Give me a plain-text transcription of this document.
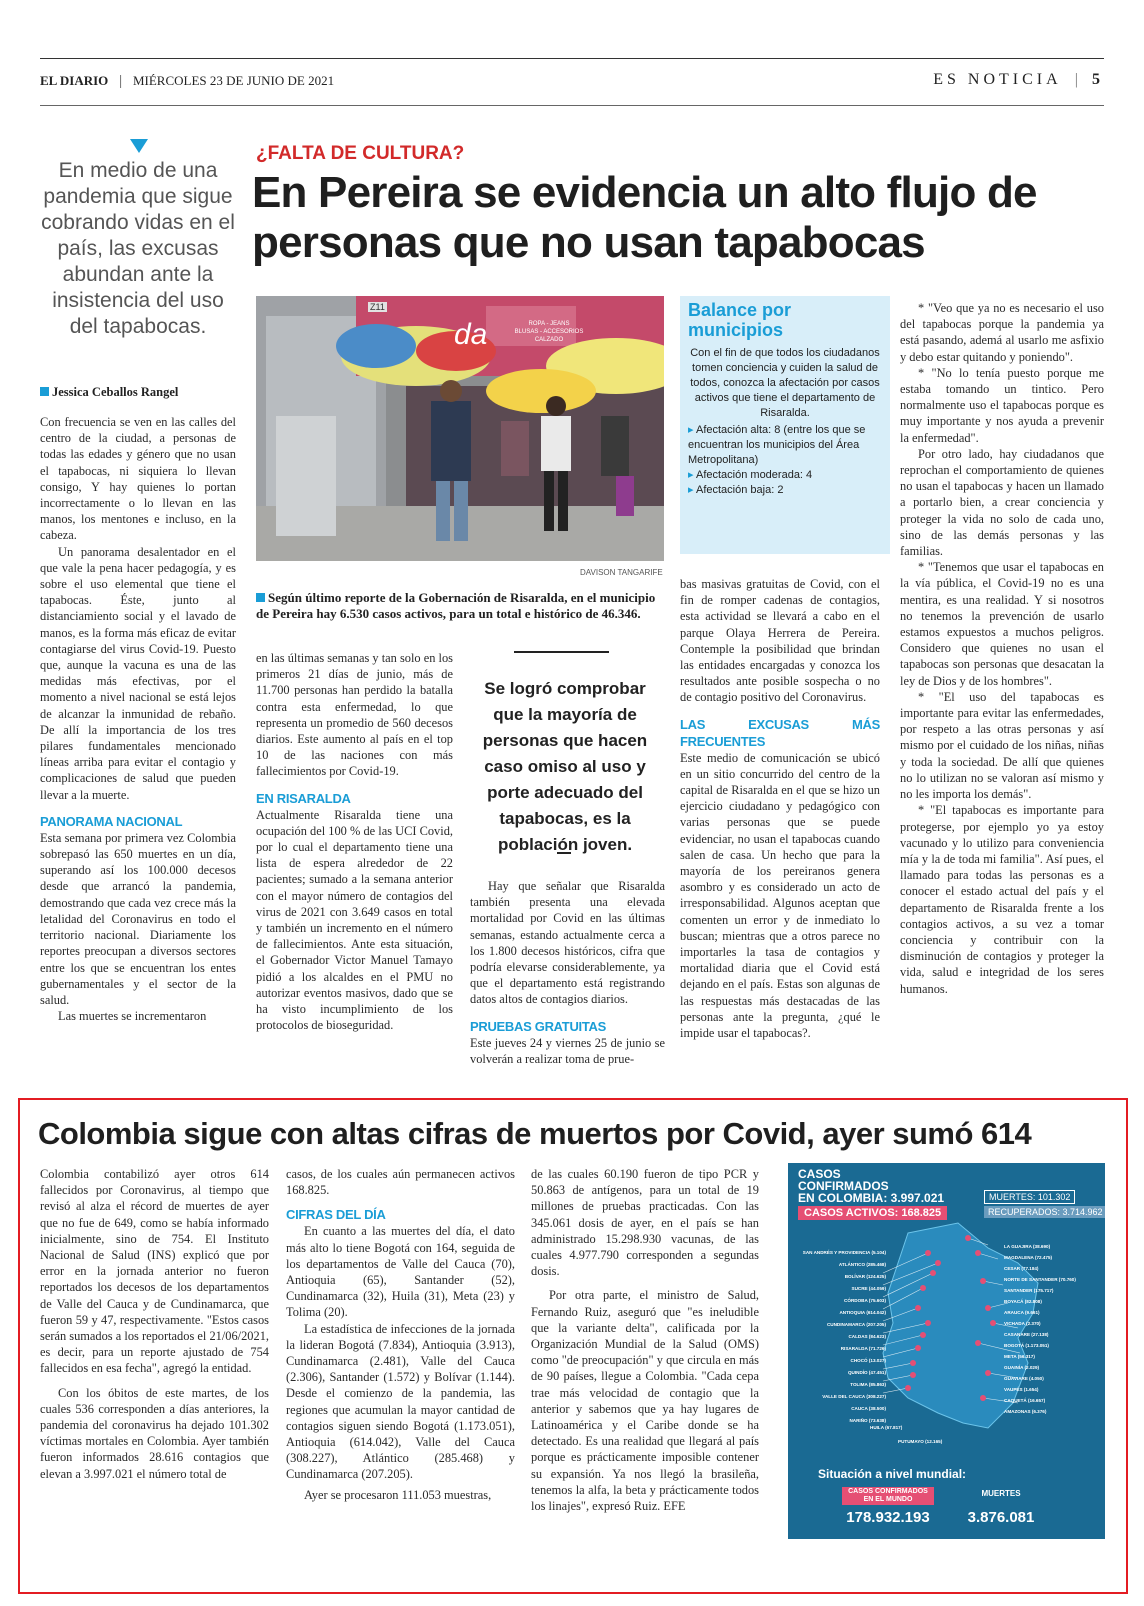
EL DIARIO | MIÉRCOLES 23 DE JUNIO DE 2021	ES NOTICIA | 5
En medio de una pandemia que sigue cobrando vidas en el país, las excusas abundan ante la insistencia del uso del tapabocas.
Jessica Ceballos Rangel
¿FALTA DE CULTURA?
En Pereira se evidencia un alto flujo de personas que no usan tapabocas
Z11
da	ROPA - JEANS
BLUSAS - ACCESORIOS
CALZADO
DAVISON TANGARIFE
Según último reporte de la Gobernación de Risaralda, en el municipio de Pereira hay 6.530 casos activos, para un total e histórico de 46.346.

Con frecuencia se ven en las calles del centro de la ciudad, a personas de todas las edades y género que no usan el tapabocas, ni siquiera lo llevan consigo, Y hay quienes lo portan incorrectamente o lo llevan en las manos, los mentones e incluso, en la cabeza.

Un panorama desalentador en el que vale la pena hacer pedagogía, y es sobre el uso elemental que tiene el tapabocas. Éste, junto al distanciamiento social y el lavado de manos, es la forma más eficaz de evitar contagiarse del virus Covid-19. Puesto que, aunque la vacuna es una de las medidas más efectivas, por el momento a nivel nacional se está lejos de alcanzar la inmunidad de rebaño. De allí la importancia de los tres pilares fundamentales mencionado líneas arriba para evitar el contagio y complicaciones de salud que pueden llevar a la muerte.

PANORAMA NACIONAL

Esta semana por primera vez Colombia sobrepasó las 650 muertes en un día, superando así los 100.000 decesos desde que arrancó la pandemia, demostrando que cada vez crece más la letalidad del Coronavirus en todo el territorio nacional. Diariamente los reportes preocupan a diversos sectores entre los que se encuentran los entes gubernamentales y el sector de la salud.

Las muertes se incrementaron

en las últimas semanas y tan solo en los primeros 21 días de junio, más de 11.700 personas han perdido la batalla contra esta enfermedad, lo que representa un promedio de 560 decesos diarios. Este aumento al país en el top 10 de las naciones con más fallecimientos por Covid-19.

EN RISARALDA

Actualmente Risaralda tiene una ocupación del 100 % de las UCI Covid, por lo cual el departamento tiene una lista de espera alrededor de 22 pacientes; sumado a la semana anterior con el mayor número de contagios del virus de 2021 con 3.649 casos en total y también un incremento en el número de fallecimientos. Ante esta situación, el Gobernador Victor Manuel Tamayo pidió a los alcaldes en el PMU no autorizar eventos masivos, dado que se ha visto incumplimiento de los protocolos de bioseguridad.

Se logró comprobar que la mayoría de personas que hacen caso omiso al uso y porte adecuado del tapabocas, es la población joven.

Hay que señalar que Risaralda también presenta una elevada mortalidad por Covid en las últimas semanas, estando actualmente cerca a los 1.800 decesos históricos, cifra que podría elevarse considerablemente, ya que el departamento está registrando datos altos de contagios diarios.

PRUEBAS GRATUITAS

Este jueves 24 y viernes 25 de junio se volverán a realizar toma de prue-

Balance por municipios
Con el fin de que todos los ciudadanos tomen conciencia y cuiden la salud de todos, conozca la afectación por casos activos que tiene el departamento de Risaralda.
▸ Afectación alta: 8 (entre los que se encuentran los municipios del Área Metropolitana)
▸ Afectación moderada: 4
▸ Afectación baja: 2

bas masivas gratuitas de Covid, con el fin de romper cadenas de contagios, esta actividad se llevará a cabo en el parque Olaya Herrera de Pereira. Contemple la posibilidad que brindan las entidades encargadas y conozca los resultados ante posible sospecha o no de contagio positivo del Coronavirus.

LAS EXCUSAS MÁS FRECUENTES

Este medio de comunicación se ubicó en un sitio concurrido del centro de la capital de Risaralda en el que se hizo un ejercicio ciudadano y pedagógico con varias personas que se puede evidenciar, no usan el tapabocas cuando salen de casa. Un hecho que para la mayoría de los pereiranos genera asombro y es considerado un acto de irresponsabilidad. Algunos aceptan que comenten un error y de inmediato lo buscan; mientras que a otros parece no importarles la tasa de contagios y mortalidad diaria que el Covid está dejando en el país. Estas son algunas de las respuestas más destacadas de las personas ante la pregunta, ¿qué le impide usar el tapabocas?.

* "Veo que ya no es necesario el uso del tapabocas porque la pandemia ya está pasando, ademá al usarlo me asfixio y debo estar quitando y poniendo".

* "No lo tenía puesto porque me estaba tomando un tintico. Pero normalmente uso el tapabocas porque es muy importante y nos ayuda a prevenir la enfermedad".

Por otro lado, hay ciudadanos que reprochan el comportamiento de quienes no usan el tapabocas y hacen un llamado a portarlo bien, a crear conciencia y proteger la vida no solo de cada uno, sino de las demás personas y las familias.

* "Tenemos que usar el tapabocas en la vía pública, el Covid-19 no es una mentira, es una realidad. Y si nosotros no tenemos la prevención de usarlo estamos expuestos a muchos peligros. Considero que quienes no usan el tapabocas son personas que desacatan la ley de Dios y de los hombres".

* "El uso del tapabocas es importante para evitar las enfermedades, por respeto a las otras personas y así mismo por el cuidado de los niñas, niñas y toda la sociedad. De allí que quienes no lo utilizan no se valoran así mismo y no les importa los demás".

* "El tapabocas es importante para protegerse, por ejemplo yo ya estoy vacunado y lo utilizo para conveniencia mía y la de toda mi familia". Así pues, el llamado para todas las personas es a conocer el estado actual del país y el departamento de Risaralda frente a los contagios activos, a su vez a tomar conciencia y contribuir con la disminución de contagios y proteger la vida, salud e integridad de los seres humanos.

Colombia sigue con altas cifras de muertos por Covid, ayer sumó 614

Colombia contabilizó ayer otros 614 fallecidos por Coronavirus, al tiempo que revisó al alza el récord de muertes de ayer que no fue de 649, como se había informado inicialmente, sino de 754. El Instituto Nacional de Salud (INS) explicó que por error en la jornada anterior no fueron reportados los decesos de los departamentos de Valle del Cauca y de Cundinamarca, que fueron 59 y 47, respectivamente. "Estos casos serán sumados a los reportados el 21/06/2021, es decir, para un reporte ajustado de 754 fallecidos en esa fecha", agregó la entidad.

Con los óbitos de este martes, de los cuales 536 corresponden a días anteriores, la pandemia del coronavirus ha dejado 101.302 víctimas mortales en Colombia. Ayer también fueron informados 28.616 contagios que elevan a 3.997.021 el número total de

casos, de los cuales aún permanecen activos 168.825.

CIFRAS DEL DÍA

En cuanto a las muertes del día, el dato más alto lo tiene Bogotá con 164, seguida de los departamentos de Valle del Cauca (70), Antioquia (65), Santander (52), Cundinamarca (32), Huila (31), Meta (23) y Tolima (20).

La estadística de infecciones de la jornada la lideran Bogotá (7.834), Antioquia (3.913), Cundinamarca (2.481), Valle del Cauca (2.306), Santander (1.572) y Bolívar (1.144). Desde el comienzo de la pandemia, las regiones que acumulan la mayor cantidad de contagios siguen siendo Bogotá (1.173.051), Antioquia (614.042), Valle del Cauca (308.227), Atlántico (285.468) y Cundinamarca (207.205).

Ayer se procesaron 111.053 muestras,

de las cuales 60.190 fueron de tipo PCR y 50.863 de antígenos, para un total de 19 millones de pruebas practicadas. Con las 345.061 dosis de ayer, en el país se han administrado 15.298.930 vacunas, de las cuales 4.977.790 corresponden a segundas dosis.

Por otra parte, el ministro de Salud, Fernando Ruiz, aseguró que "es ineludible que la variante delta", calificada por la Organización Mundial de la Salud (OMS) como "de preocupación" y que circula en más de 90 países, llegue a Colombia. "Cada cepa trae más velocidad de contagio que la anterior y sabemos que ya hay lugares de Latinoamérica y el Caribe donde se ha detectado. Es una realidad que llegará al país porque es prácticamente imposible contener su expansión. Ya nos llegó la brasileña, tenemos la alfa, la beta y prácticamente todos los linajes", expresó Ruiz. EFE

CASOS
CONFIRMADOS
EN COLOMBIA: 3.997.021
CASOS ACTIVOS: 168.825
MUERTES: 101.302
RECUPERADOS: 3.714.962
SAN ANDRÉS Y PROVIDENCIA (5.104)
ATLÁNTICO (285.468)
BOLÍVAR (124.625)
SUCRE (44.059)
CÓRDOBA (75.603)
ANTIOQUIA (614.042)
CUNDINAMARCA (207.205)
CALDAS (84.623)
RISARALDA (71.726)
CHOCÓ (13.027)
QUINDÍO (47.451)
TOLIMA (85.863)
VALLE DEL CAUCA (308.227)
CAUCA (38.500)
NARIÑO (73.638)
LA GUAJIRA (38.690)
MAGDALENA (72.475)
CESAR (77.184)
NORTE DE SANTANDER (70.760)
SANTANDER (175.717)
BOYACÁ (82.808)
ARAUCA (9.661)
VICHADA (2.370)
CASANARE (27.138)
BOGOTÁ (1.173.051)
META (56.317)
GUAINÍA (2.029)
GUAVIARE (4.050)
VAUPÉS (1.654)
CAQUETÁ (16.657)
AMAZONAS (6.376)
HUILA (67.817)
PUTUMAYO (12.165)
Situación a nivel mundial:
CASOS CONFIRMADOS EN EL MUNDO
178.932.193
MUERTES
3.876.081
